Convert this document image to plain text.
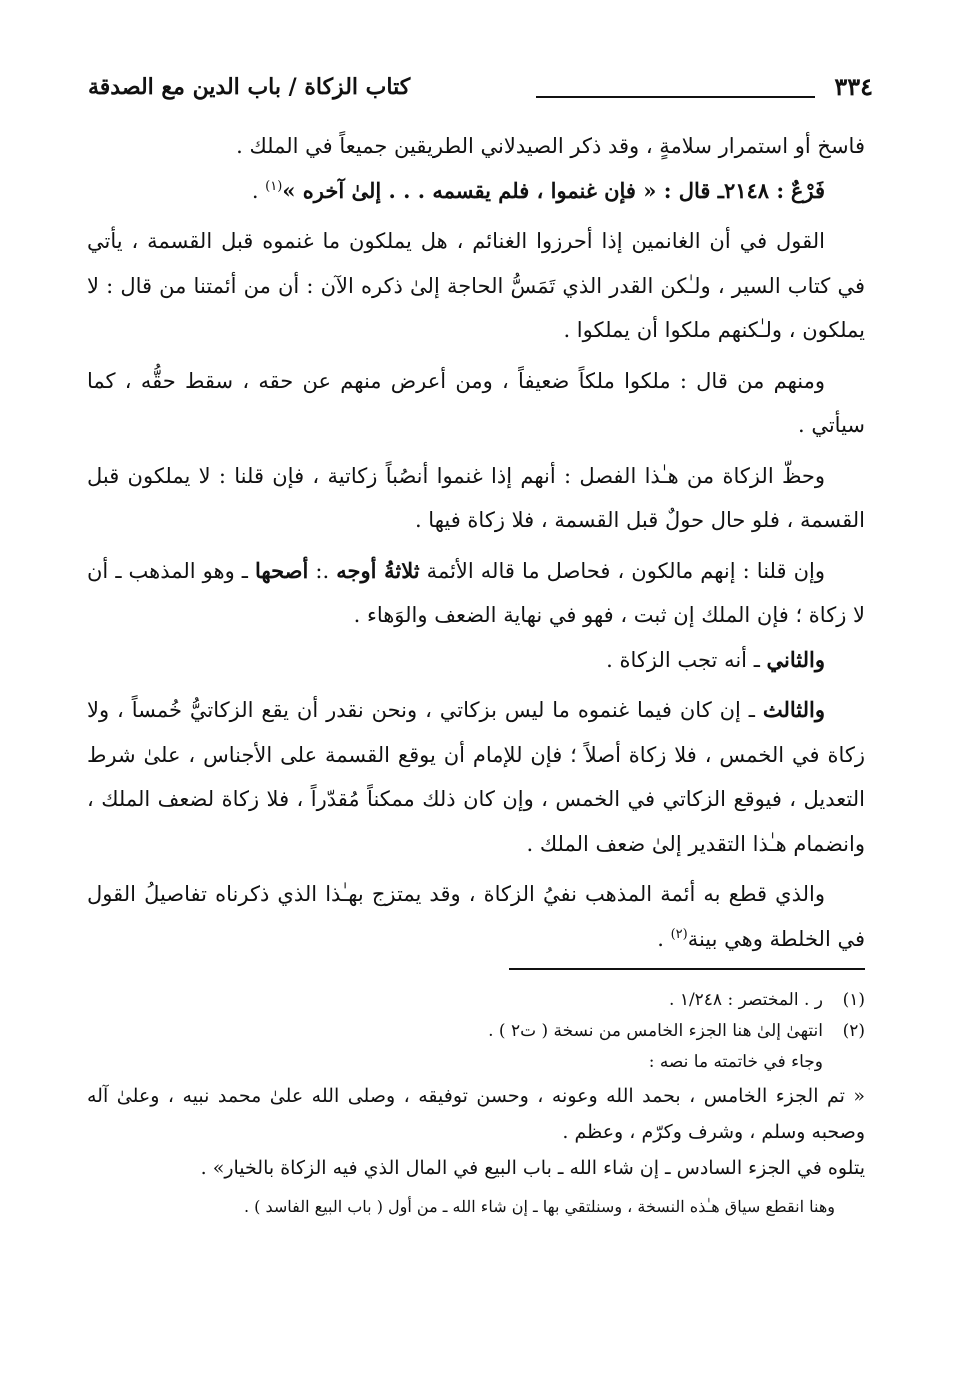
٣٣٤
كتاب الزكاة / باب الدين مع الصدقة

فاسخ أو استمرار سلامةٍ ، وقد ذكر الصيدلاني الطريقين جميعاً في الملك .

فَرْعٌ : ٢١٤٨ـ قال : « فإن غنموا ، فلم يقسمه . . . إلىٰ آخره »$^{(١)}$ .

القول في أن الغانمين إذا أحرزوا الغنائم ، هل يملكون ما غنموه قبل القسمة ، يأتي في كتاب السير ، ولـٰكن القدر الذي تَمَسُّ الحاجة إلىٰ ذكره الآن : أن من أئمتنا من قال : لا يملكون ، ولـٰكنهم ملكوا أن يملكوا .

ومنهم من قال : ملكوا ملكاً ضعيفاً ، ومن أعرض منهم عن حقه ، سقط حقُّه ، كما سيأتي .

وحظّ الزكاة من هـٰذا الفصل : أنهم إذا غنموا أنصُباً زكاتية ، فإن قلنا : لا يملكون قبل القسمة ، فلو حال حولٌ قبل القسمة ، فلا زكاة فيها .

وإن قلنا : إنهم مالكون ، فحاصل ما قاله الأئمة ثلاثةُ أوجه .: أصحها ـ وهو المذهب ـ أن لا زكاة ؛ فإن الملك إن ثبت ، فهو في نهاية الضعف والوَهاء .

والثاني ـ أنه تجب الزكاة .

والثالث ـ إن كان فيما غنموه ما ليس بزكاتي ، ونحن نقدر أن يقع الزكاتيُّ خُمساً ، ولا زكاة في الخمس ، فلا زكاة أصلاً ؛ فإن للإمام أن يوقع القسمة على الأجناس ، علىٰ شرط التعديل ، فيوقع الزكاتي في الخمس ، وإن كان ذلك ممكناً مُقدّراً ، فلا زكاة لضعف الملك ، وانضمام هـٰذا التقدير إلىٰ ضعف الملك .

والذي قطع به أئمة المذهب نفيُ الزكاة ، وقد يمتزج بهـٰذا الذي ذكرناه تفاصيلُ القول في الخلطة وهي بينة$^{(٢)}$ .

(١)
ر . المختصر : ١/٢٤٨ .
(٢)
انتهىٰ إلىٰ هنا الجزء الخامس من نسخة ( ت٢ ) .

وجاء في خاتمته ما نصه :

« تم الجزء الخامس ، بحمد الله وعونه ، وحسن توفيقه ، وصلى الله علىٰ محمد نبيه ، وعلىٰ آله وصحبه وسلم ، وشرف وكرّم ، وعظم .

يتلوه في الجزء السادس ـ إن شاء الله ـ باب البيع في المال الذي فيه الزكاة بالخيار» .

وهنا انقطع سياق هـٰذه النسخة ، وسنلتقي بها ـ إن شاء الله ـ من أول ( باب البيع الفاسد ) .
